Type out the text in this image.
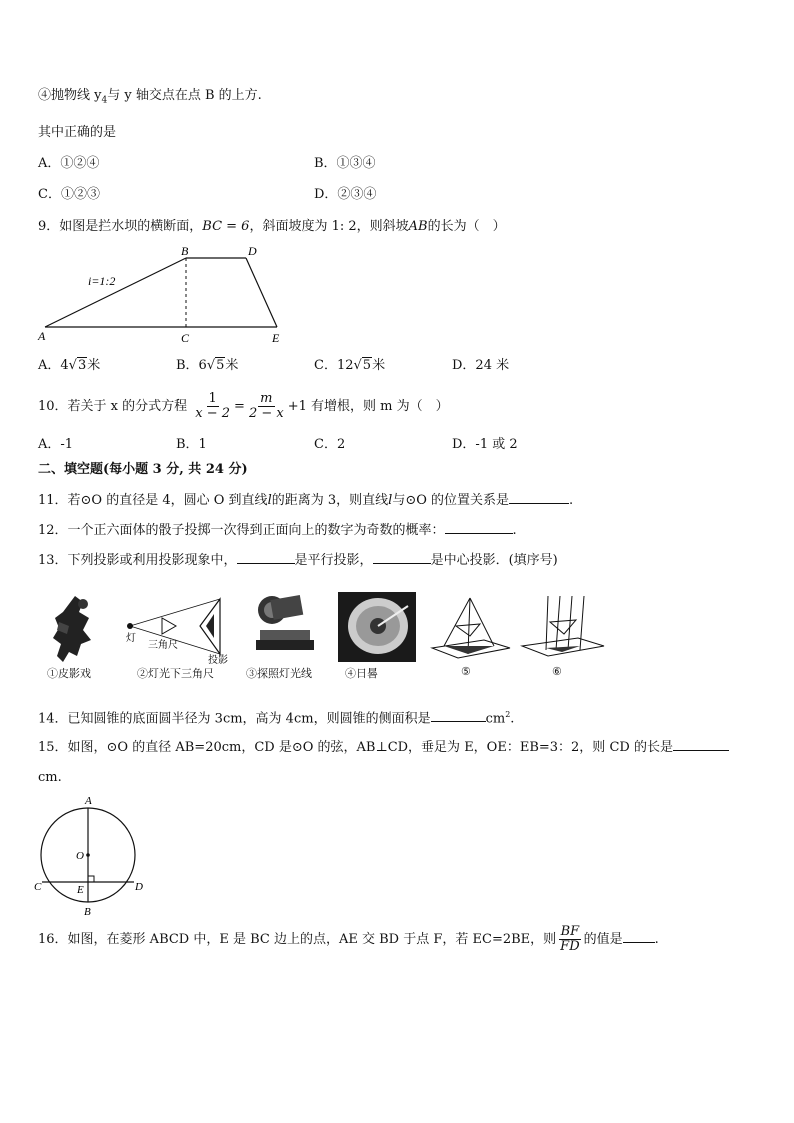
④抛物线 $y_4$与 y 轴交点在点 B 的上方.
其中正确的是
A．①②④	B．①③④
C．①②③	D．②③④
9．如图是拦水坝的横断面，BC = 6，斜面坡度为 1: 2，则斜坡AB的长为（　）
i=1:2
A
B
C
D
E
A．4√3米	B．6√5米	C．12√5米	D．24 米
10．若关于 x 的分式方程 $\frac{1}{x - 2} = \frac{m}{2 - x} +1$ 有增根，则 m 为（　）
A．-1	B．1	C．2	D．-1 或 2
二、填空题(每小题 3 分, 共 24 分)
11．若⊙O 的直径是 4，圆心 O 到直线l的距离为 3，则直线l与⊙O 的位置关系是	.
12．一个正六面体的骰子投掷一次得到正面向上的数字为奇数的概率：	.
13．下列投影或利用投影现象中，	是平行投影，	是中心投影．(填序号)
①皮影戏
灯
三角尺
投影
②灯光下三角尺	③探照灯光线	④日晷	⑤	⑥
14．已知圆锥的底面圆半径为 3cm，高为 4cm，则圆锥的侧面积是	$cm^2$.
15．如图，⊙O 的直径 AB=20cm，CD 是⊙O 的弦，AB⊥CD，垂足为 E，OE：EB=3：2，则 CD 的长是
cm.
A
O
C	E	D
B
16．如图，在菱形 ABCD 中，E 是 BC 边上的点，AE 交 BD 于点 F，若 EC=2BE，则 $\frac{BF}{FD}$ 的值是 .
